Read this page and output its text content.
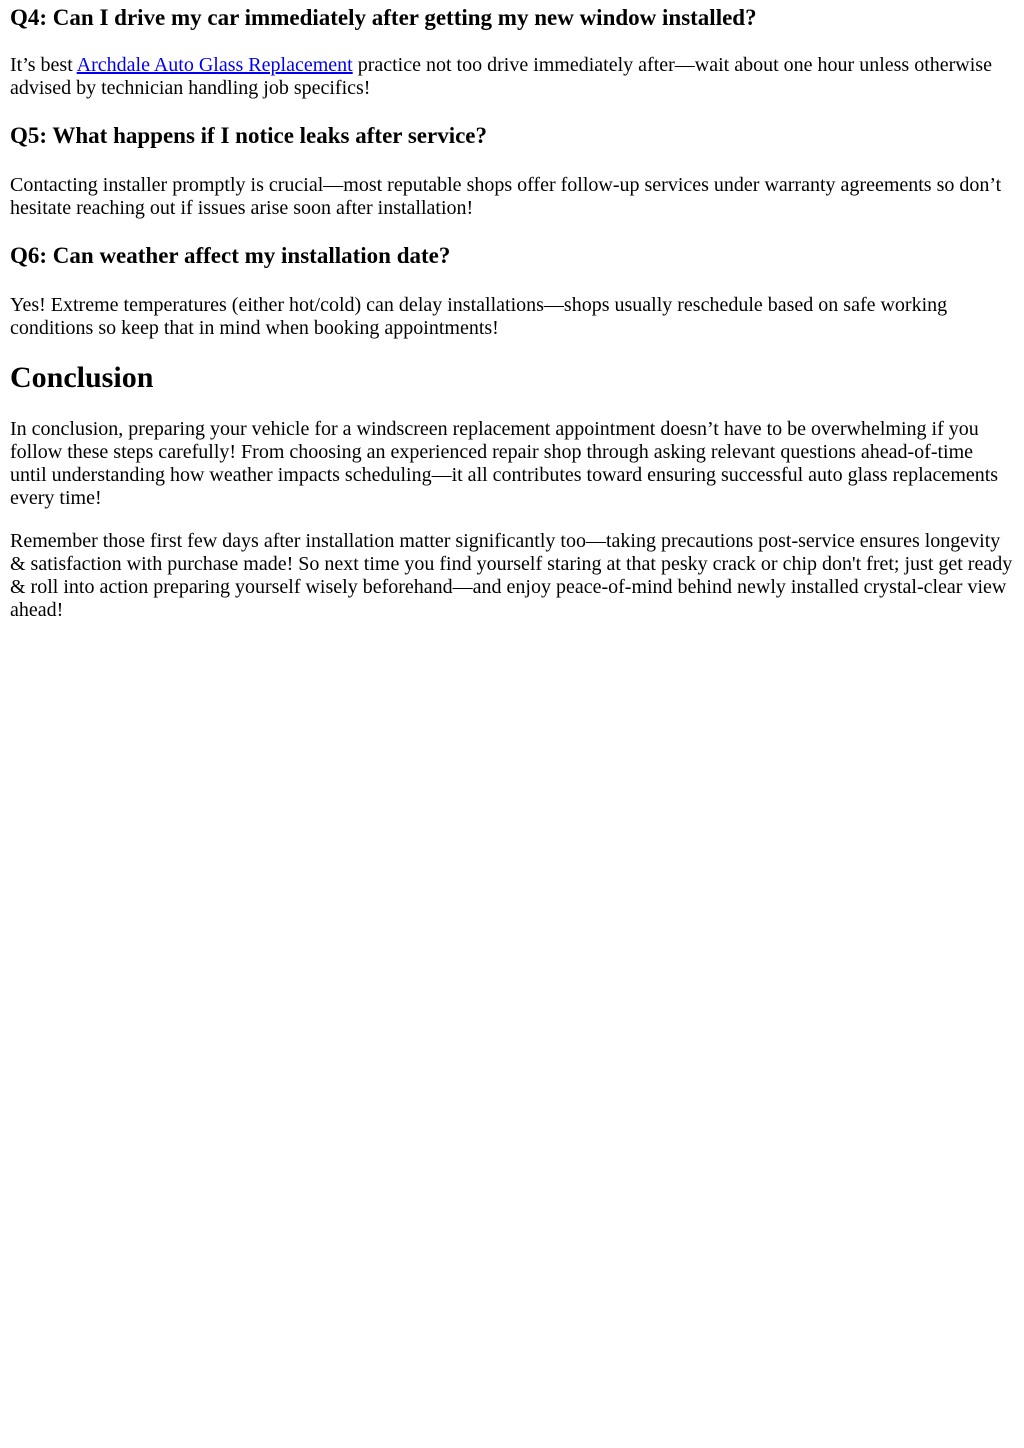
Q4: Can I drive my car immediately after getting my new window installed?

It’s best Archdale Auto Glass Replacement practice not too drive immediately after—wait about one hour unless otherwise advised by technician handling job specifics!

Q5: What happens if I notice leaks after service?

Contacting installer promptly is crucial—most reputable shops offer follow-up services under warranty agreements so don’t hesitate reaching out if issues arise soon after installation!

Q6: Can weather affect my installation date?

Yes! Extreme temperatures (either hot/cold) can delay installations—shops usually reschedule based on safe working conditions so keep that in mind when booking appointments!

Conclusion

In conclusion, preparing your vehicle for a windscreen replacement appointment doesn’t have to be overwhelming if you follow these steps carefully! From choosing an experienced repair shop through asking relevant questions ahead-of-time until understanding how weather impacts scheduling—it all contributes toward ensuring successful auto glass replacements every time!

Remember those first few days after installation matter significantly too—taking precautions post-service ensures longevity & satisfaction with purchase made! So next time you find yourself staring at that pesky crack or chip don't fret; just get ready & roll into action preparing yourself wisely beforehand—and enjoy peace-of-mind behind newly installed crystal-clear view ahead!
